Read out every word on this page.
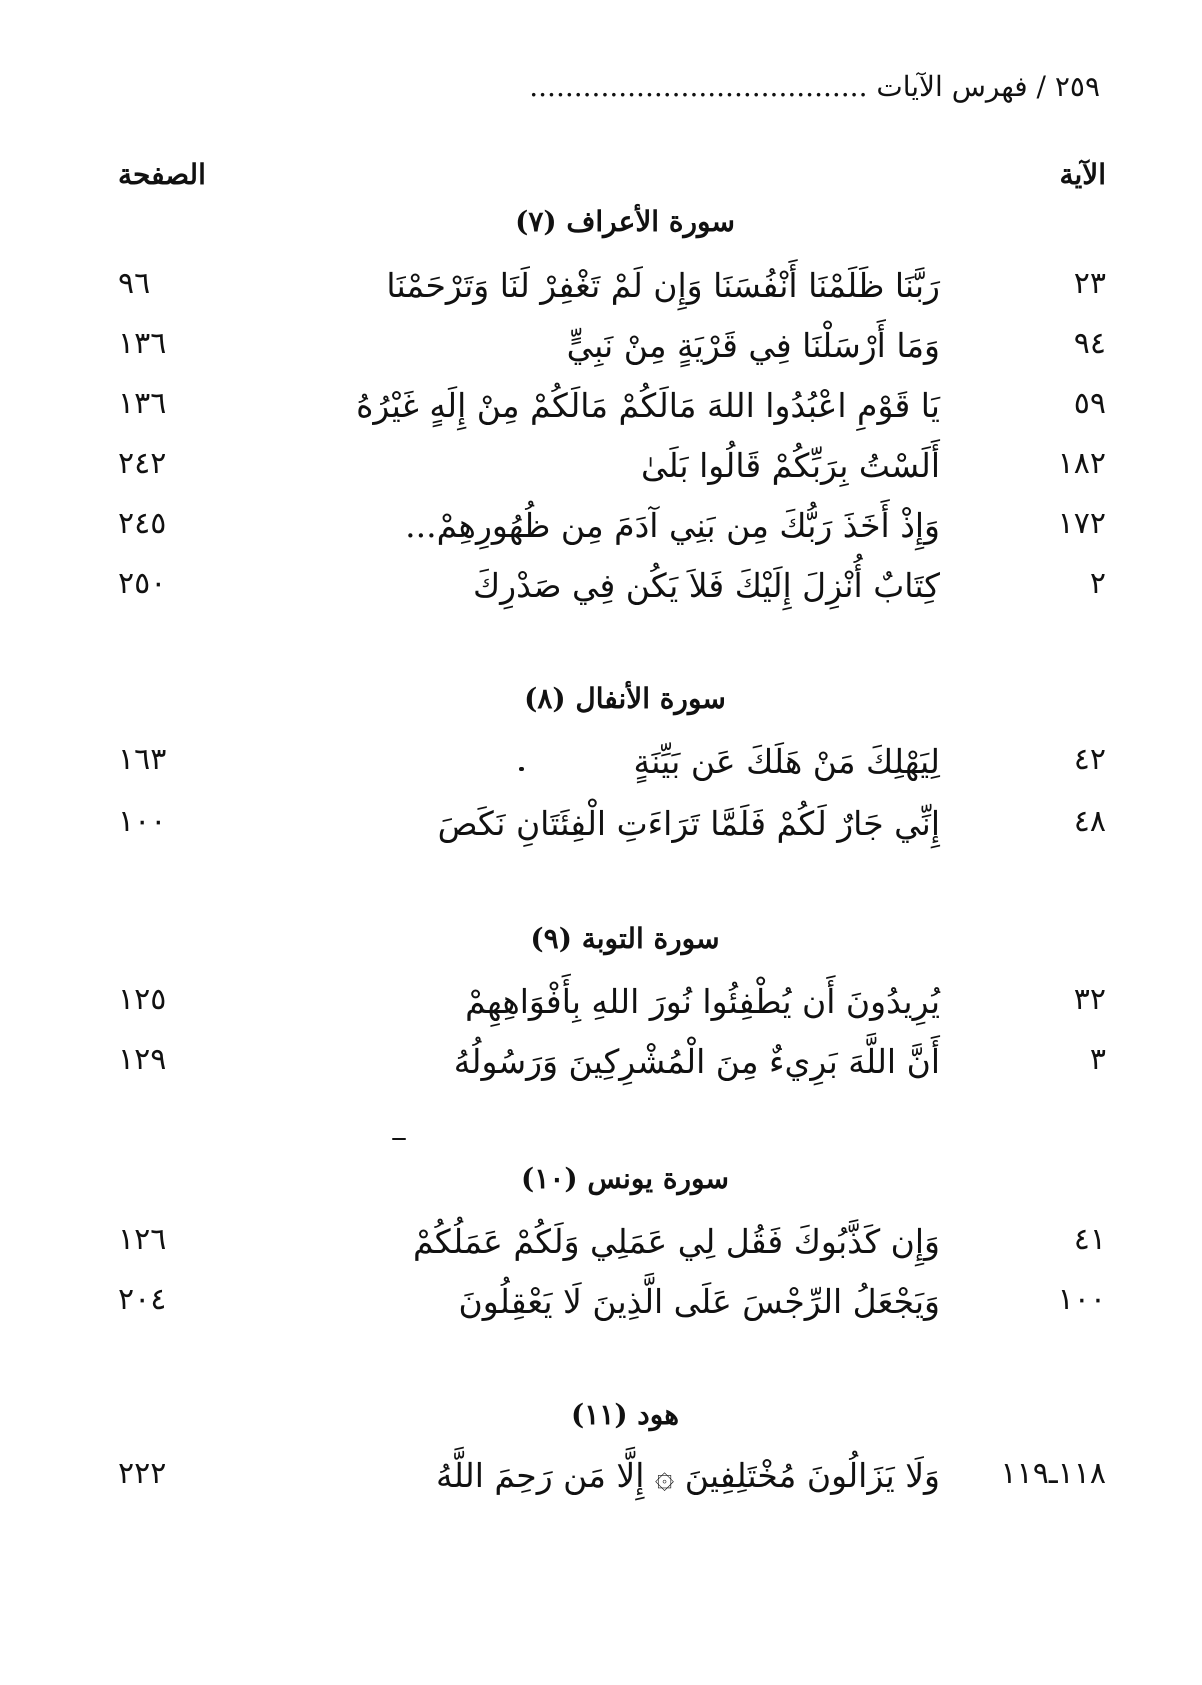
٢٥٩ / فهرس الآيات ......................................
الآية
الصفحة
سورة الأعراف (٧)
٢٣
رَبَّنَا ظَلَمْنَا أَنْفُسَنَا وَإِن لَمْ تَغْفِرْ لَنَا وَتَرْحَمْنَا
٩٦
٩٤
وَمَا أَرْسَلْنَا فِي قَرْيَةٍ مِنْ نَبِيٍّ
١٣٦
٥٩
يَا قَوْمِ اعْبُدُوا اللهَ مَالَكُمْ مَالَكُمْ مِنْ إِلَهٍ غَيْرُهُ
١٣٦
١٨٢
أَلَسْتُ بِرَبِّكُمْ قَالُوا بَلَىٰ
٢٤٢
١٧٢
وَإِذْ أَخَذَ رَبُّكَ مِن بَنِي آدَمَ مِن ظُهُورِهِمْ...
٢٤٥
٢
كِتَابٌ أُنْزِلَ إِلَيْكَ فَلاَ يَكُن فِي صَدْرِكَ
٢٥٠
سورة الأنفال (٨)
٤٢
لِيَهْلِكَ مَنْ هَلَكَ عَن بَيِّنَةٍ
١٦٣
٤٨
إِنِّي جَارٌ لَكُمْ فَلَمَّا تَرَاءَتِ الْفِئَتَانِ نَكَصَ
١٠٠
سورة التوبة (٩)
٣٢
يُرِيدُونَ أَن يُطْفِئُوا نُورَ اللهِ بِأَفْوَاهِهِمْ
١٢٥
٣
أَنَّ اللَّهَ بَرِيءٌ مِنَ الْمُشْرِكِينَ وَرَسُولُهُ
١٢٩
سورة يونس (١٠)
٤١
وَإِن كَذَّبُوكَ فَقُل لِي عَمَلِي وَلَكُمْ عَمَلُكُمْ
١٢٦
١٠٠
وَيَجْعَلُ الرِّجْسَ عَلَى الَّذِينَ لَا يَعْقِلُونَ
٢٠٤
هود (١١)
١١٨ـ١١٩
وَلَا يَزَالُونَ مُخْتَلِفِينَ ۞ إِلَّا مَن رَحِمَ اللَّهُ
٢٢٢
